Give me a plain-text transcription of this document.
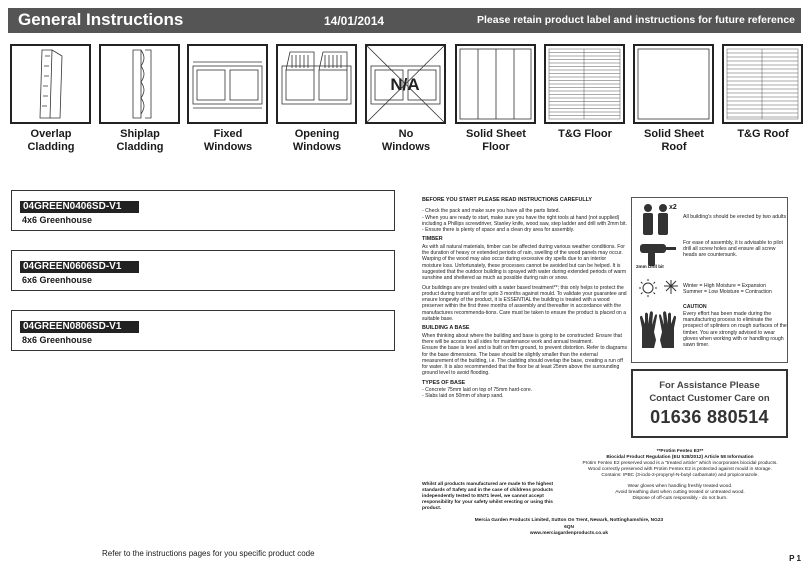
General Instructions	14/01/2014	Please retain product label and instructions for future reference
Overlap
Cladding
Shiplap
Cladding
Fixed
Windows
Opening
Windows
N/A
No
Windows
Solid Sheet
Floor
T&G Floor	Solid Sheet
Roof
T&G Roof

04GREEN0406SD-V1
4x6 Greenhouse
04GREEN0606SD-V1
6x6 Greenhouse
04GREEN0806SD-V1
8x6 Greenhouse
BEFORE YOU START PLEASE READ INSTRUCTIONS CAREFULLY

- Check the pack and make sure you have all the parts listed.

- When you are ready to start, make sure you have the right tools at hand (not supplied) including a Phillips screwdriver, Stanley knife, wood saw, step ladder and drill with 2mm bit.

- Ensure there is plenty of space and a clean dry area for assembly.

TIMBER

As with all natural materials, timber can be affected during various weather conditions. For the duration of heavy or extended periods of rain, swelling of the wood panels may occur. Warping of the wood may also occur during excessive dry spells due to an interior moisture loss. Unfortunately, these processes cannot be avoided but can be helped. It is suggested that the outdoor building is sprayed with water during extended periods of warm sunshine and sheltered as much as possible during rain or snow.

Our buildings are pre treated with a water based treatment**; this only helps to protect the product during transit and for upto 3 months against mould. To validate your guarantee and ensure longevity of the product, it is ESSENTIAL the building is treated with a wood preserver within the first three months of assembly and thereafter in accordance with the manufactures recommenda-tions. Care must be taken to ensure the product is placed on a suitable base.

BUILDING A BASE

When thinking about where the building and base is going to be constructed: Ensure that there will be access to all sides for maintenance work and annual treatment.

Ensure the base is level and is built on firm ground, to prevent distortion. Refer to diagrams for the base dimensions. The base should be slightly smaller than the external measurement of the building, i.e. The cladding should overlap the base, creating a run off for water. It is also recommended that the floor be at least 25mm above the surrounding ground level to avoid flooding.

TYPES OF BASE

- Concrete 75mm laid on top of 75mm hard-core.

- Slabs laid on 50mm of sharp sand.

Whilst all products manufactured are made to the highest standards of Safety and in the case of childrens products independently tested to EN71 level, we cannot accept responsibility for your safety whilst erecting or using this product.
x2
All building's should be erected by two adults
2mm Drill bit
For ease of assembly, it is advisable to pilot drill all screw holes and ensure all screw heads are countersunk.
Winter = High Moisture = Expansion Summer = Low Moisture = Contraction
CAUTION
Every effort has been made during the manufacturing process to eliminate the prospect of splinters on rough surfaces of the timber. You are strongly advised to wear gloves when working with or handling rough sawn timer.
For Assistance Please
Contact Customer Care on
01636 880514
**Protim Fentex E3**
Biocidal Product Regulation (EU 528/2012) Article 58 Information
Protim Fentex E2 preserved wood is a "treated article" which incorporates biocidal products.
Wood correctly preserved with Protim Fentex E2 is protected against mould in storage.
Contains: IPBC (3-iodo-2-propynyl-N-butyl carbamate) and propiconazole.
Wear gloves when handling freshly treated wood.
Avoid breathing dust when cutting treated or untreated wood.
Dispose of off-cuts responsibly - do not burn.
Mercia Garden Products Limited, Sutton On Trent, Newark, Nottinghamshire, NG23 6QN
www.merciagardenproducts.co.uk
Refer to the instructions pages for you specific product code
P 1
